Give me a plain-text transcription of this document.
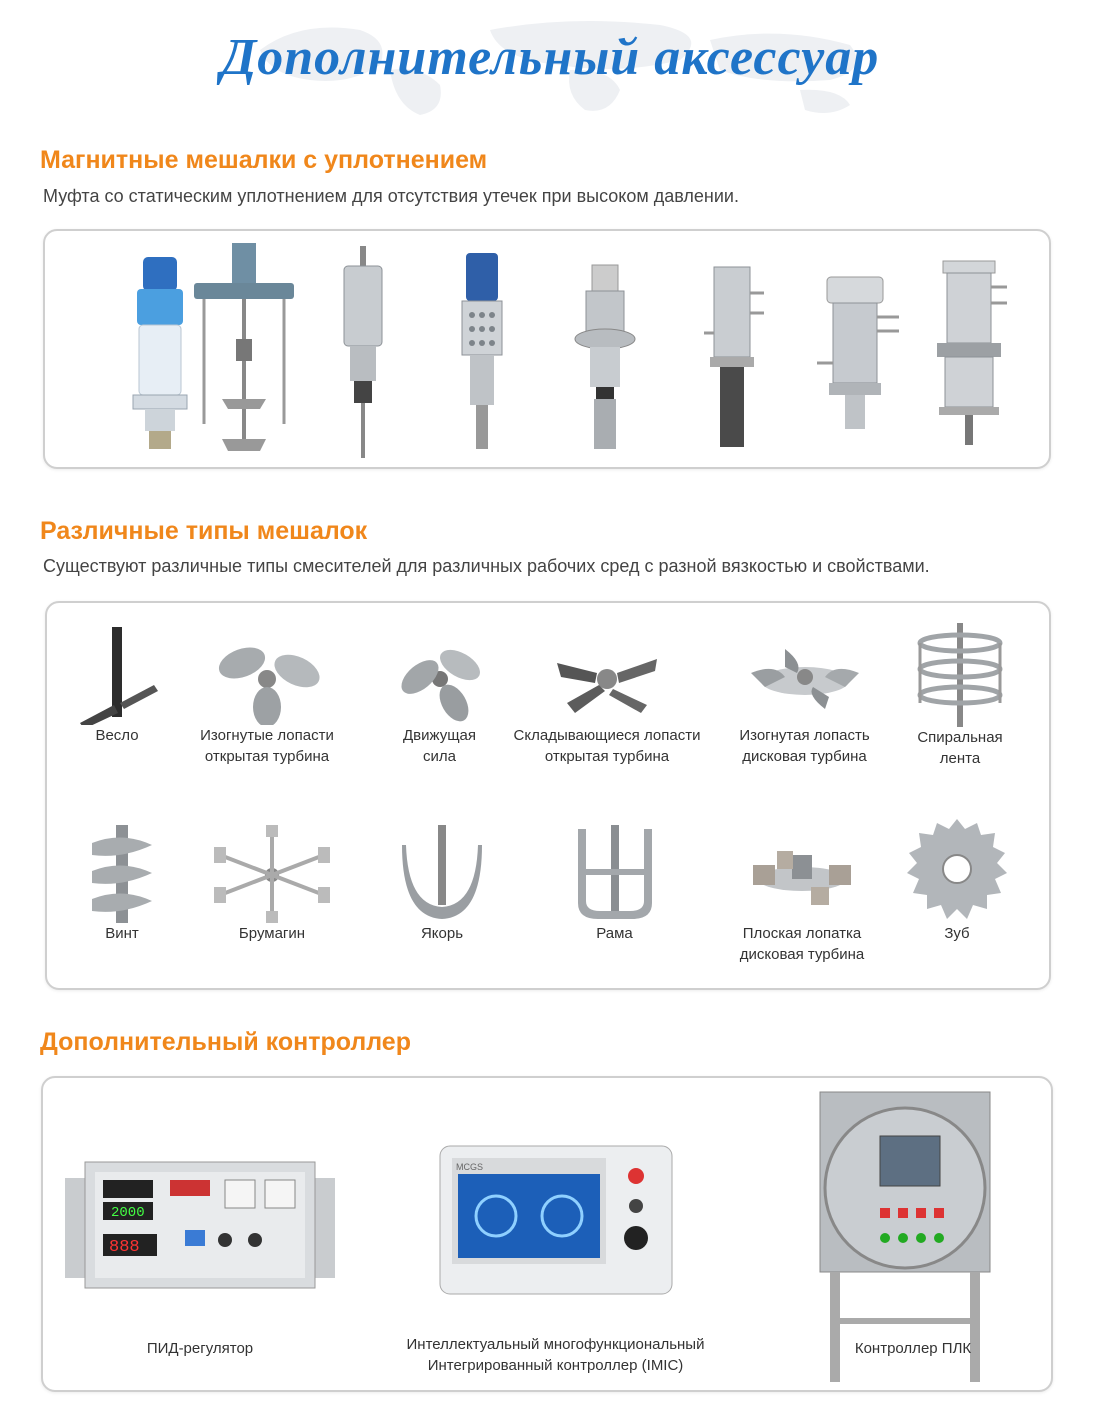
Дополнительный аксессуар
Магнитные мешалки с уплотнением
Муфта со статическим уплотнением для отсутствия утечек при высоком давлении.
Различные типы мешалок
Существуют различные типы смесителей для различных рабочих сред с разной вязкостью и свойствами.
Весло	Изогнутые лопасти
открытая турбина
Движущая
сила
Складывающиеся лопасти
открытая турбина
Изогнутая лопасть
дисковая турбина
Спиральная
лента
Винт	Брумагин	Якорь	Рама	Плоская лопатка
дисковая турбина
Зуб
Дополнительный контроллер
2000
888
ПИД-регулятор
MCGS
Интеллектуальный многофункциональный
Интегрированный контроллер (IMIC)
Контроллер ПЛК
